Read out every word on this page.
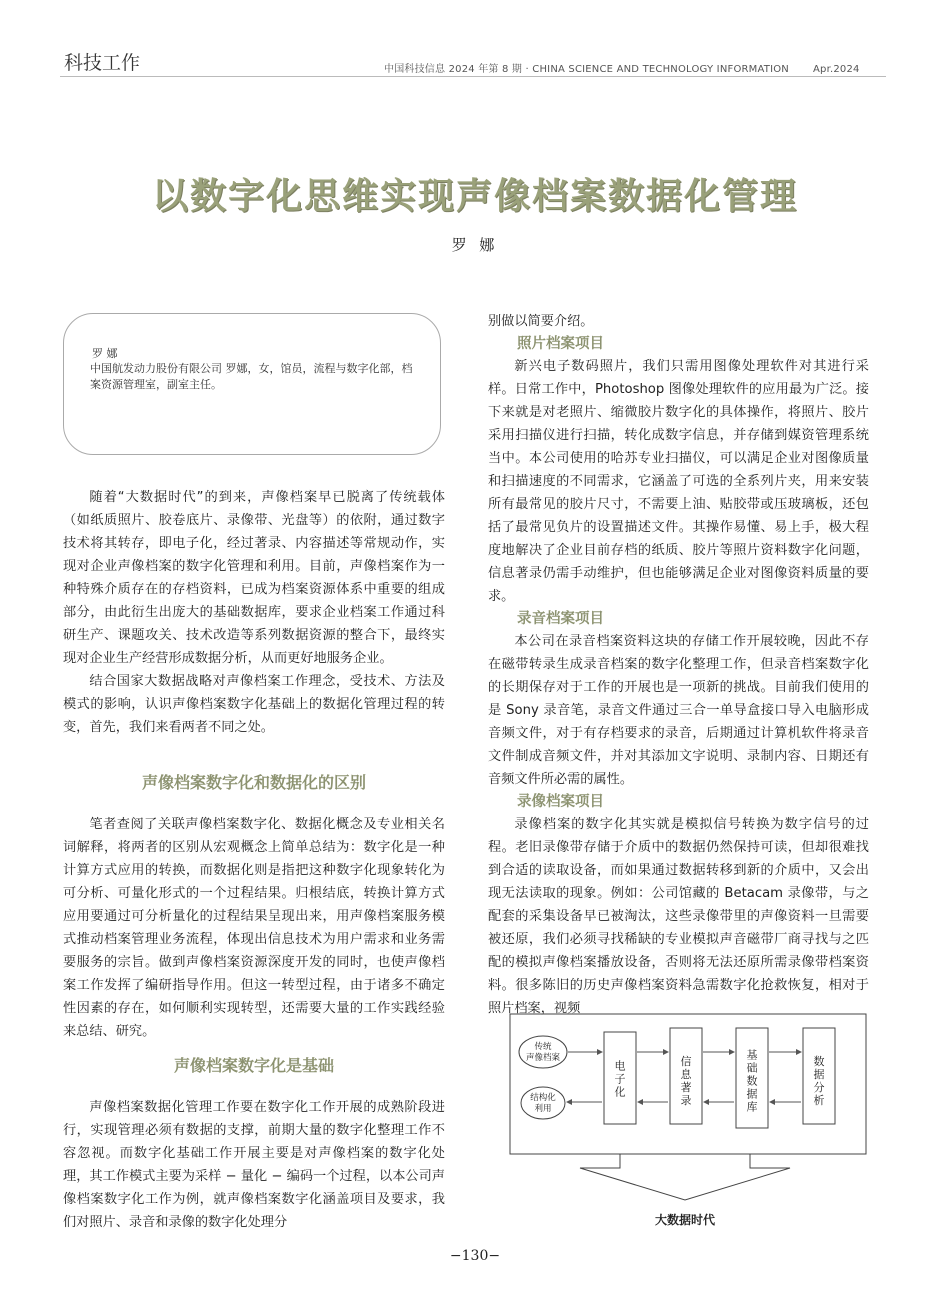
科技工作	中国科技信息 2024 年第 8 期 · CHINA SCIENCE AND TECHNOLOGY INFORMATION Apr.2024
以数字化思维实现声像档案数据化管理
罗 娜
罗 娜
中国航发动力股份有限公司 罗娜，女，馆员，流程与数字化部，档案资源管理室，副室主任。

随着“大数据时代”的到来，声像档案早已脱离了传统载体（如纸质照片、胶卷底片、录像带、光盘等）的依附，通过数字技术将其转存，即电子化，经过著录、内容描述等常规动作，实现对企业声像档案的数字化管理和利用。目前，声像档案作为一种特殊介质存在的存档资料，已成为档案资源体系中重要的组成部分，由此衍生出庞大的基础数据库，要求企业档案工作通过科研生产、课题攻关、技术改造等系列数据资源的整合下，最终实现对企业生产经营形成数据分析，从而更好地服务企业。

结合国家大数据战略对声像档案工作理念，受技术、方法及模式的影响，认识声像档案数字化基础上的数据化管理过程的转变，首先，我们来看两者不同之处。

声像档案数字化和数据化的区别

笔者查阅了关联声像档案数字化、数据化概念及专业相关名词解释，将两者的区别从宏观概念上简单总结为：数字化是一种计算方式应用的转换，而数据化则是指把这种数字化现象转化为可分析、可量化形式的一个过程结果。归根结底，转换计算方式应用要通过可分析量化的过程结果呈现出来，用声像档案服务模式推动档案管理业务流程，体现出信息技术为用户需求和业务需要服务的宗旨。做到声像档案资源深度开发的同时，也使声像档案工作发挥了编研指导作用。但这一转型过程，由于诸多不确定性因素的存在，如何顺利实现转型，还需要大量的工作实践经验来总结、研究。

声像档案数字化是基础

声像档案数据化管理工作要在数字化工作开展的成熟阶段进行，实现管理必须有数据的支撑，前期大量的数字化整理工作不容忽视。而数字化基础工作开展主要是对声像档案的数字化处理，其工作模式主要为采样 − 量化 − 编码一个过程，以本公司声像档案数字化工作为例，就声像档案数字化涵盖项目及要求，我们对照片、录音和录像的数字化处理分

别做以简要介绍。

照片档案项目

新兴电子数码照片，我们只需用图像处理软件对其进行采样。日常工作中，Photoshop 图像处理软件的应用最为广泛。接下来就是对老照片、缩微胶片数字化的具体操作，将照片、胶片采用扫描仪进行扫描，转化成数字信息，并存储到媒资管理系统当中。本公司使用的哈苏专业扫描仪，可以满足企业对图像质量和扫描速度的不同需求，它涵盖了可选的全系列片夹，用来安装所有最常见的胶片尺寸，不需要上油、贴胶带或压玻璃板，还包括了最常见负片的设置描述文件。其操作易懂、易上手，极大程度地解决了企业目前存档的纸质、胶片等照片资料数字化问题，信息著录仍需手动维护，但也能够满足企业对图像资料质量的要求。

录音档案项目

本公司在录音档案资料这块的存储工作开展较晚，因此不存在磁带转录生成录音档案的数字化整理工作，但录音档案数字化的长期保存对于工作的开展也是一项新的挑战。目前我们使用的是 Sony 录音笔，录音文件通过三合一单导盒接口导入电脑形成音频文件，对于有存档要求的录音，后期通过计算机软件将录音文件制成音频文件，并对其添加文字说明、录制内容、日期还有音频文件所必需的属性。

录像档案项目

录像档案的数字化其实就是模拟信号转换为数字信号的过程。老旧录像带存储于介质中的数据仍然保持可读，但却很难找到合适的读取设备，而如果通过数据转移到新的介质中，又会出现无法读取的现象。例如：公司馆藏的 Betacam 录像带，与之配套的采集设备早已被淘汰，这些录像带里的声像资料一旦需要被还原，我们必须寻找稀缺的专业模拟声音磁带厂商寻找与之匹配的模拟声像档案播放设备，否则将无法还原所需录像带档案资料。很多陈旧的历史声像档案资料急需数字化抢救恢复，相对于照片档案，视频

传统
声像档案
结构化
利用
电
子
化
信
息
著
录
基
础
数
据
库
数
据
分
析
大数据时代
−130−
